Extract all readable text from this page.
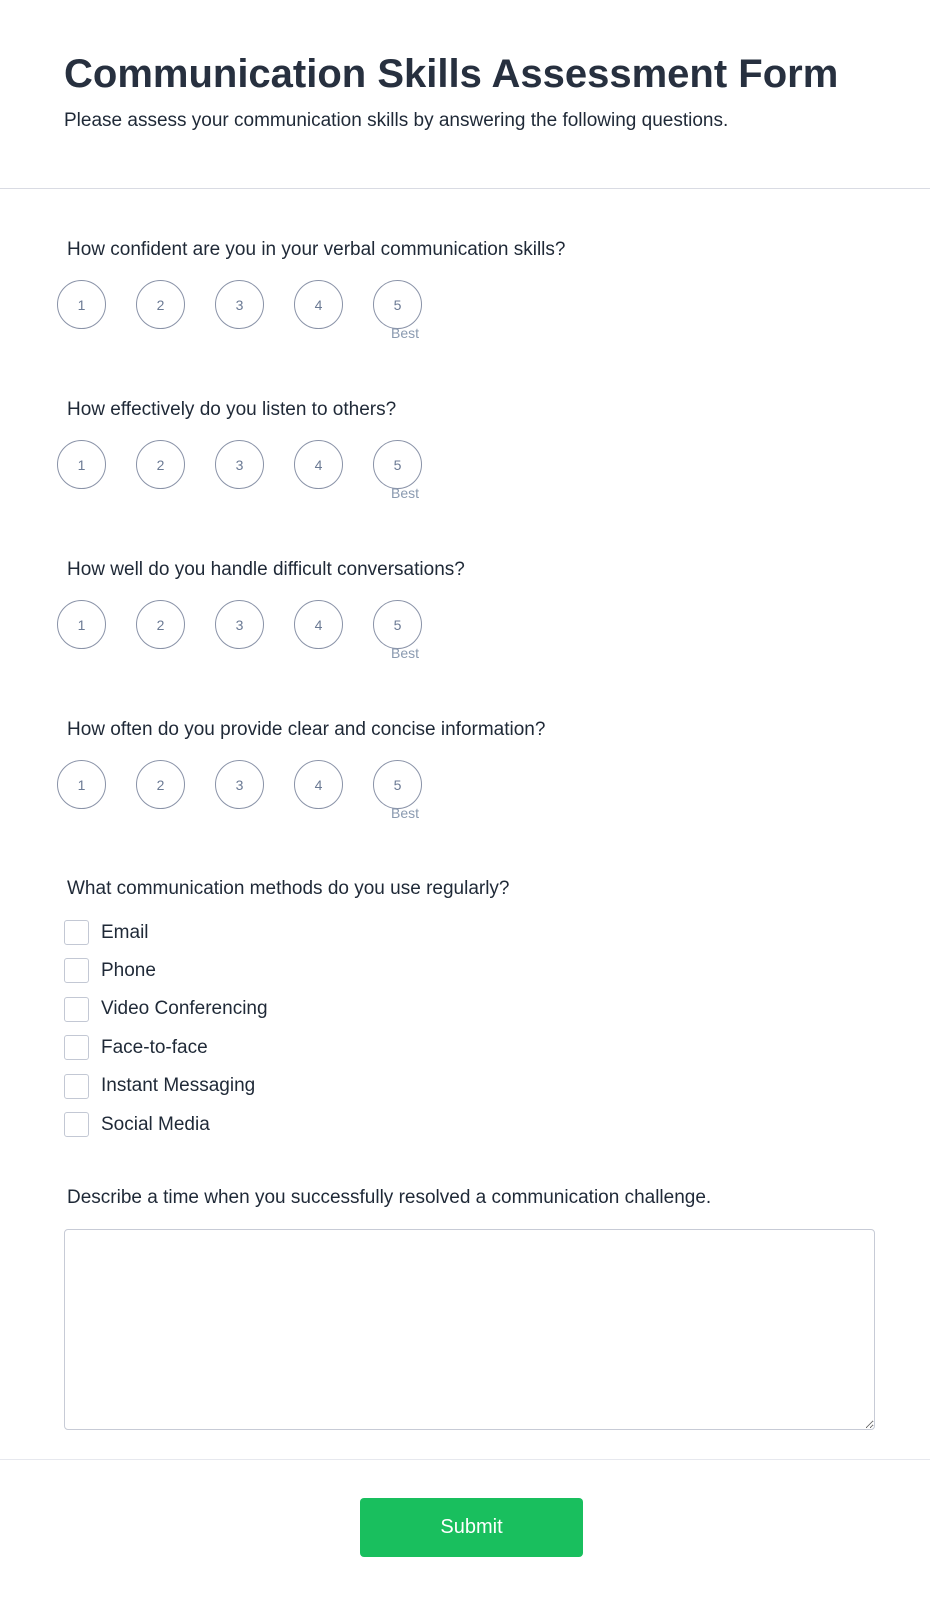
Communication Skills Assessment Form
Please assess your communication skills by answering the following questions.
How confident are you in your verbal communication skills?
1	2	3	4	5
Best
How effectively do you listen to others?
1	2	3	4	5
Best
How well do you handle difficult conversations?
1	2	3	4	5
Best
How often do you provide clear and concise information?
1	2	3	4	5
Best
What communication methods do you use regularly?
Email
Phone
Video Conferencing
Face-to-face
Instant Messaging
Social Media
Describe a time when you successfully resolved a communication challenge.
Submit
